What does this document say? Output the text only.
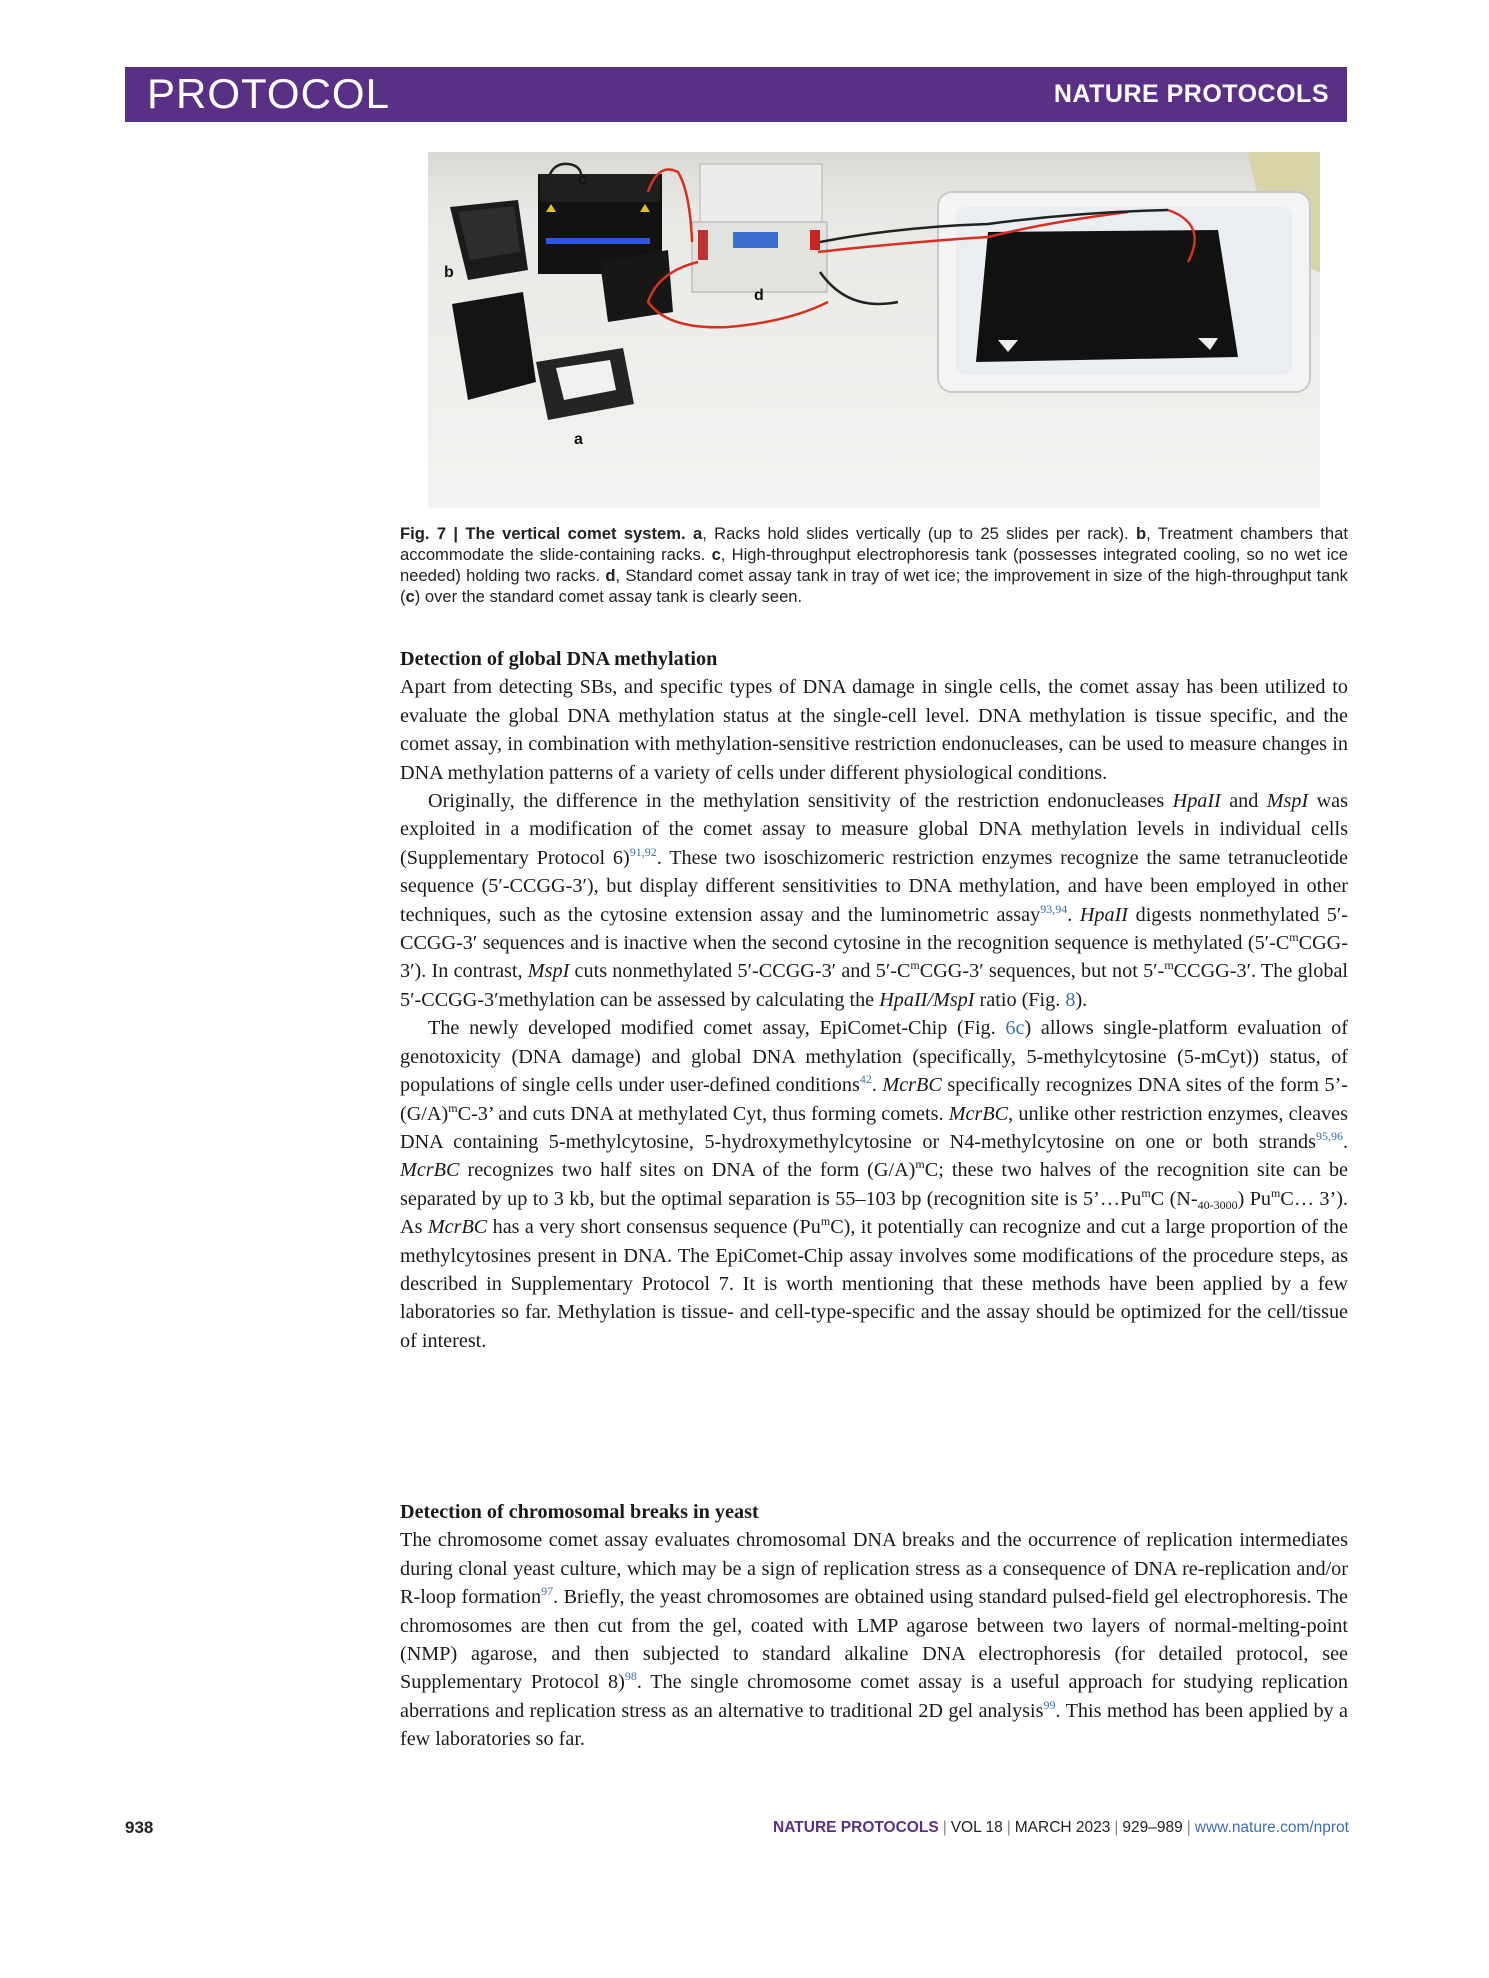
PROTOCOL	NATURE PROTOCOLS
c
b
d
a
Fig. 7 | The vertical comet system. a, Racks hold slides vertically (up to 25 slides per rack). b, Treatment chambers that accommodate the slide-containing racks. c, High-throughput electrophoresis tank (possesses integrated cooling, so no wet ice needed) holding two racks. d, Standard comet assay tank in tray of wet ice; the improvement in size of the high-throughput tank (c) over the standard comet assay tank is clearly seen.

Detection of global DNA methylation

Apart from detecting SBs, and specific types of DNA damage in single cells, the comet assay has been utilized to evaluate the global DNA methylation status at the single-cell level. DNA methylation is tissue specific, and the comet assay, in combination with methylation-sensitive restriction endonucleases, can be used to measure changes in DNA methylation patterns of a variety of cells under different physiological conditions.

Originally, the difference in the methylation sensitivity of the restriction endonucleases HpaII and MspI was exploited in a modification of the comet assay to measure global DNA methylation levels in individual cells (Supplementary Protocol 6)$^{91,92}$. These two isoschizomeric restriction enzymes recognize the same tetranucleotide sequence (5′-CCGG-3′), but display different sensitivities to DNA methylation, and have been employed in other techniques, such as the cytosine extension assay and the luminometric assay$^{93,94}$. HpaII digests nonmethylated 5′-CCGG-3′ sequences and is inactive when the second cytosine in the recognition sequence is methylated $(5'-C^mCGG-3')$. In contrast, MspI cuts nonmethylated 5′-CCGG-3′ and $5'-C^mCGG-3'$ sequences, but not 5′-$^m$CCGG-3′. The global 5′-CCGG-3′methylation can be assessed by calculating the HpaII/MspI ratio (Fig. 8).

The newly developed modified comet assay, EpiComet-Chip (Fig. 6c) allows single-platform evaluation of genotoxicity (DNA damage) and global DNA methylation (specifically, 5-methylcytosine (5-mCyt)) status, of populations of single cells under user-defined conditions$^{42}$. McrBC specifically recognizes DNA sites of the form 5’- $(G/A)^mC-3$’ and cuts DNA at methylated Cyt, thus forming comets. McrBC, unlike other restriction enzymes, cleaves DNA containing 5-methylcytosine, 5-hydroxymethylcytosine or N4-methylcytosine on one or both strands$^{95,96}$. McrBC recognizes two half sites on DNA of the form $(G/A)^mC$; these two halves of the recognition site can be separated by up to 3 kb, but the optimal separation is 55–103 bp (recognition site is 5’…Pu$^m$C $(N-_{40-3000})$ Pu$^m$C… 3’). As McrBC has a very short consensus sequence (Pu$^m$C), it potentially can recognize and cut a large proportion of the methylcytosines present in DNA. The EpiComet-Chip assay involves some modifications of the procedure steps, as described in Supplementary Protocol 7. It is worth mentioning that these methods have been applied by a few laboratories so far. Methylation is tissue- and cell-type-specific and the assay should be optimized for the cell/tissue of interest.

Detection of chromosomal breaks in yeast

The chromosome comet assay evaluates chromosomal DNA breaks and the occurrence of replication intermediates during clonal yeast culture, which may be a sign of replication stress as a consequence of DNA re-replication and/or R-loop formation$^{97}$. Briefly, the yeast chromosomes are obtained using standard pulsed-field gel electrophoresis. The chromosomes are then cut from the gel, coated with LMP agarose between two layers of normal-melting-point (NMP) agarose, and then subjected to standard alkaline DNA electrophoresis (for detailed protocol, see Supplementary Protocol 8)$^{98}$. The single chromosome comet assay is a useful approach for studying replication aberrations and replication stress as an alternative to traditional 2D gel analysis$^{99}$. This method has been applied by a few laboratories so far.

938	NATURE PROTOCOLS | VOL 18 | MARCH 2023 | 929–989 | www.nature.com/nprot
